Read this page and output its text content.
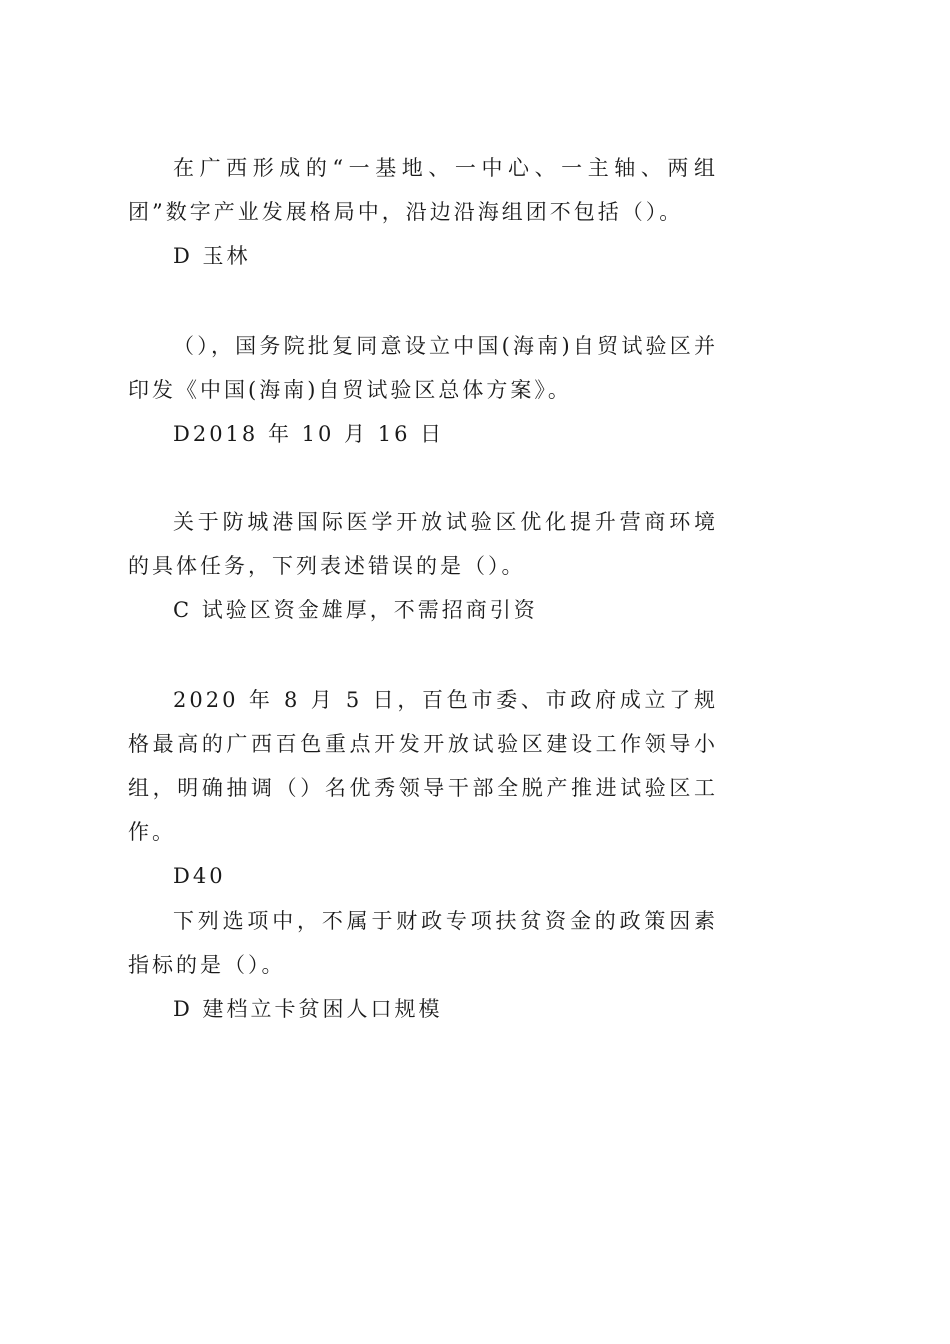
在广西形成的“一基地、一中心、一主轴、两组团”数字产业发展格局中，沿边沿海组团不包括（）。

D 玉林

（），国务院批复同意设立中国(海南)自贸试验区并印发《中国(海南)自贸试验区总体方案》。

D2018 年 10 月 16 日

关于防城港国际医学开放试验区优化提升营商环境的具体任务，下列表述错误的是（）。

C 试验区资金雄厚，不需招商引资

2020 年 8 月 5 日，百色市委、市政府成立了规格最高的广西百色重点开发开放试验区建设工作领导小组，明确抽调（）名优秀领导干部全脱产推进试验区工作。

D40

下列选项中，不属于财政专项扶贫资金的政策因素指标的是（）。

D 建档立卡贫困人口规模
